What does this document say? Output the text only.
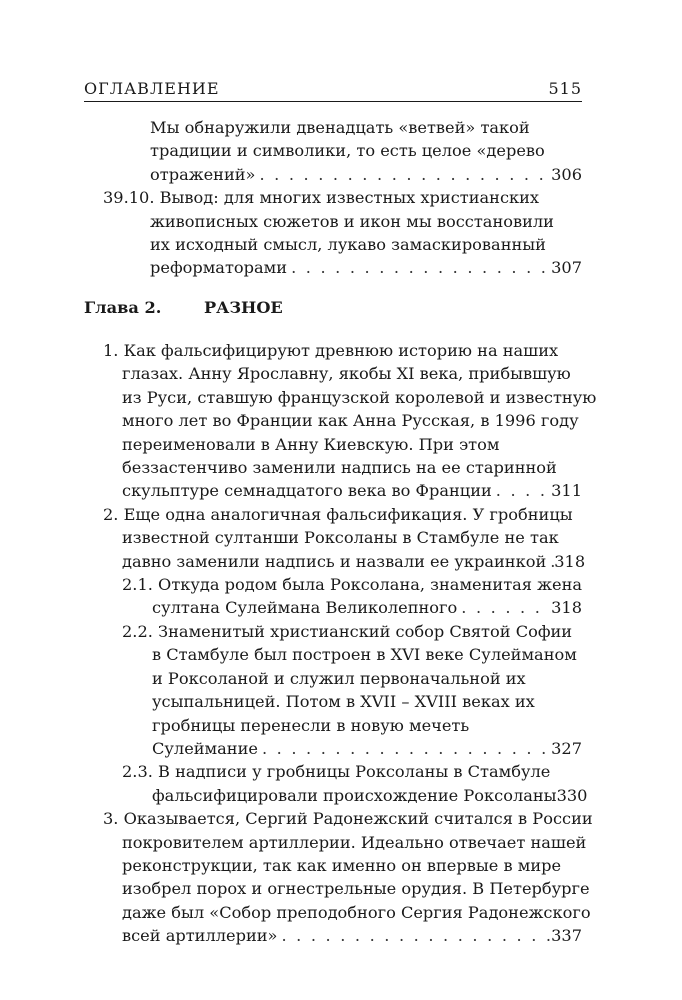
ОГЛАВЛЕНИЕ	515
Мы обнаружили двенадцать «ветвей» такой
традиции и символики, то есть целое «дерево
отражений» . . .	306
39.10. Вывод: для многих известных христианских
живописных сюжетов и икон мы восстановили
их исходный смысл, лукаво замаскированный
реформаторами . . .	307
Глава 2.	РАЗНОЕ
1. Как фальсифицируют древнюю историю на наших
глазах. Анну Ярославну, якобы XI века, прибывшую
из Руси, ставшую французской королевой и известную
много лет во Франции как Анна Русская, в 1996 году
переименовали в Анну Киевскую. При этом
беззастенчиво заменили надпись на ее старинной
скульптуре семнадцатого века во Франции . . .	311
2. Еще одна аналогичная фальсификация. У гробницы
известной султанши Роксоланы в Стамбуле не так
давно заменили надпись и назвали ее украинкой . . . 318
2.1. Откуда родом была Роксолана, знаменитая жена
султана Сулеймана Великолепного . . .	318
2.2. Знаменитый христианский собор Святой Софии
в Стамбуле был построен в XVI веке Сулейманом
и Роксоланой и служил первоначальной их
усыпальницей. Потом в XVII – XVIII веках их
гробницы перенесли в новую мечеть
Сулеймание . . .	327
2.3. В надписи у гробницы Роксоланы в Стамбуле
фальсифицировали происхождение Роксоланы 330
3. Оказывается, Сергий Радонежский считался в России
покровителем артиллерии. Идеально отвечает нашей
реконструкции, так как именно он впервые в мире
изобрел порох и огнестрельные орудия. В Петербурге
даже был «Собор преподобного Сергия Радонежского
всей артиллерии» . . .	337
